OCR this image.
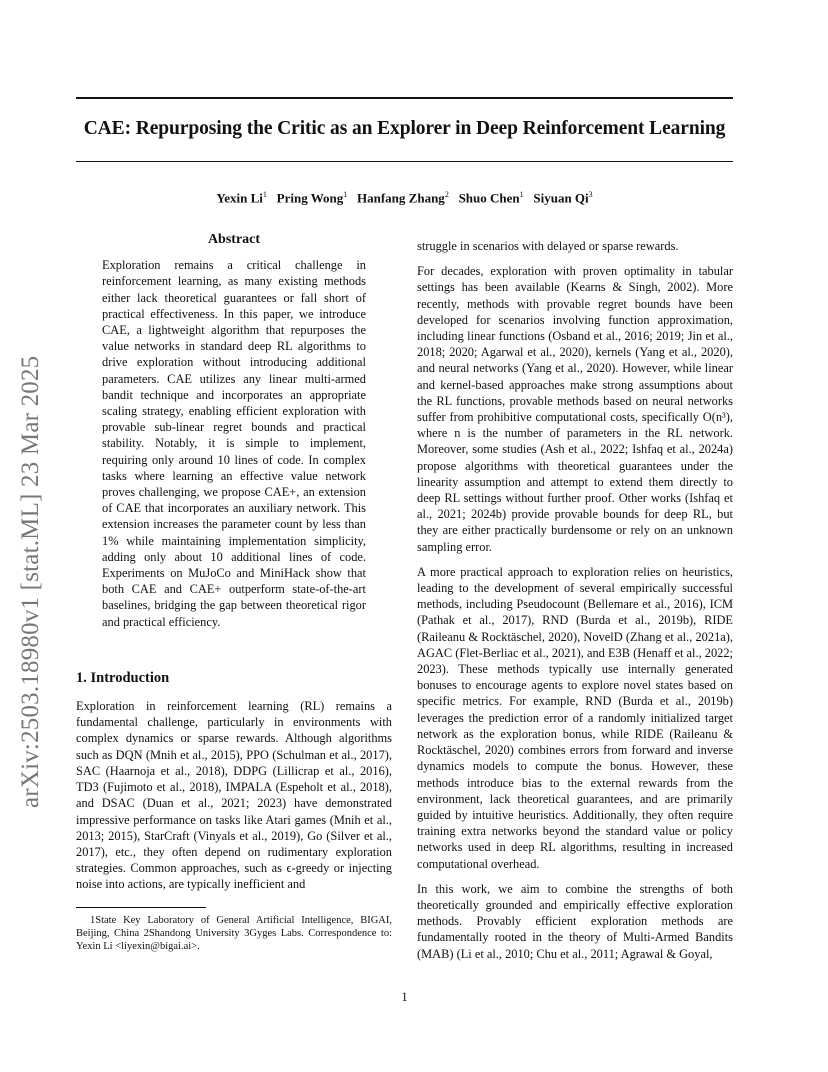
arXiv:2503.18980v1 [stat.ML] 23 Mar 2025
CAE: Repurposing the Critic as an Explorer in Deep Reinforcement Learning
Yexin Li$^1$ Pring Wong$^1$ Hanfang Zhang$^2$ Shuo Chen$^1$ Siyuan Qi$^3$

Abstract

Exploration remains a critical challenge in reinforcement learning, as many existing methods either lack theoretical guarantees or fall short of practical effectiveness. In this paper, we introduce CAE, a lightweight algorithm that repurposes the value networks in standard deep RL algorithms to drive exploration without introducing additional parameters. CAE utilizes any linear multi-armed bandit technique and incorporates an appropriate scaling strategy, enabling efficient exploration with provable sub-linear regret bounds and practical stability. Notably, it is simple to implement, requiring only around 10 lines of code. In complex tasks where learning an effective value network proves challenging, we propose CAE+, an extension of CAE that incorporates an auxiliary network. This extension increases the parameter count by less than 1% while maintaining implementation simplicity, adding only about 10 additional lines of code. Experiments on MuJoCo and MiniHack show that both CAE and CAE+ outperform state-of-the-art baselines, bridging the gap between theoretical rigor and practical efficiency.

1. Introduction

Exploration in reinforcement learning (RL) remains a fundamental challenge, particularly in environments with complex dynamics or sparse rewards. Although algorithms such as DQN (Mnih et al., 2015), PPO (Schulman et al., 2017), SAC (Haarnoja et al., 2018), DDPG (Lillicrap et al., 2016), TD3 (Fujimoto et al., 2018), IMPALA (Espeholt et al., 2018), and DSAC (Duan et al., 2021; 2023) have demonstrated impressive performance on tasks like Atari games (Mnih et al., 2013; 2015), StarCraft (Vinyals et al., 2019), Go (Silver et al., 2017), etc., they often depend on rudimentary exploration strategies. Common approaches, such as ϵ-greedy or injecting noise into actions, are typically inefficient and

1State Key Laboratory of General Artificial Intelligence, BIGAI, Beijing, China 2Shandong University 3Gyges Labs. Correspondence to: Yexin Li <liyexin@bigai.ai>.

struggle in scenarios with delayed or sparse rewards.

For decades, exploration with proven optimality in tabular settings has been available (Kearns & Singh, 2002). More recently, methods with provable regret bounds have been developed for scenarios involving function approximation, including linear functions (Osband et al., 2016; 2019; Jin et al., 2018; 2020; Agarwal et al., 2020), kernels (Yang et al., 2020), and neural networks (Yang et al., 2020). However, while linear and kernel-based approaches make strong assumptions about the RL functions, provable methods based on neural networks suffer from prohibitive computational costs, specifically O(n³), where n is the number of parameters in the RL network. Moreover, some studies (Ash et al., 2022; Ishfaq et al., 2024a) propose algorithms with theoretical guarantees under the linearity assumption and attempt to extend them directly to deep RL settings without further proof. Other works (Ishfaq et al., 2021; 2024b) provide provable bounds for deep RL, but they are either practically burdensome or rely on an unknown sampling error.

A more practical approach to exploration relies on heuristics, leading to the development of several empirically successful methods, including Pseudocount (Bellemare et al., 2016), ICM (Pathak et al., 2017), RND (Burda et al., 2019b), RIDE (Raileanu & Rocktäschel, 2020), NovelD (Zhang et al., 2021a), AGAC (Flet-Berliac et al., 2021), and E3B (Henaff et al., 2022; 2023). These methods typically use internally generated bonuses to encourage agents to explore novel states based on specific metrics. For example, RND (Burda et al., 2019b) leverages the prediction error of a randomly initialized target network as the exploration bonus, while RIDE (Raileanu & Rocktäschel, 2020) combines errors from forward and inverse dynamics models to compute the bonus. However, these methods introduce bias to the external rewards from the environment, lack theoretical guarantees, and are primarily guided by intuitive heuristics. Additionally, they often require training extra networks beyond the standard value or policy networks used in deep RL algorithms, resulting in increased computational overhead.

In this work, we aim to combine the strengths of both theoretically grounded and empirically effective exploration methods. Provably efficient exploration methods are fundamentally rooted in the theory of Multi-Armed Bandits (MAB) (Li et al., 2010; Chu et al., 2011; Agrawal & Goyal,

1
